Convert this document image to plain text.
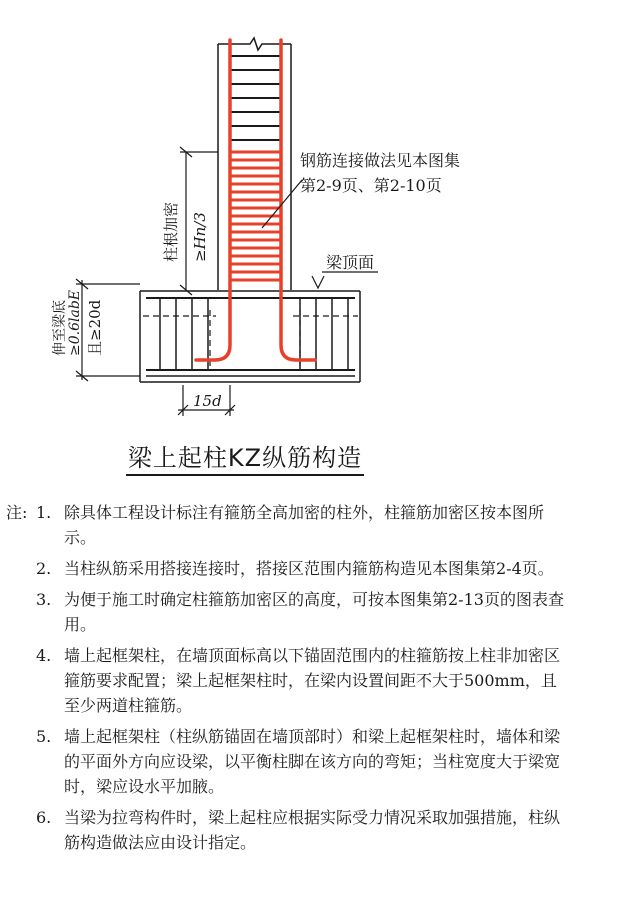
梁顶面
钢筋连接做法见本图集
第2-9页、第2-10页
柱根加密 ≥Hn/3
伸至梁底 ≥0.6labE 且≥20d
15d
梁上起柱KZ纵筋构造
注: 1. 除具体工程设计标注有箍筋全高加密的柱外，柱箍筋加密区按本图所示。
2. 当柱纵筋采用搭接连接时，搭接区范围内箍筋构造见本图集第2-4页。
3. 为便于施工时确定柱箍筋加密区的高度，可按本图集第2-13页的图表查用。
4. 墙上起框架柱，在墙顶面标高以下锚固范围内的柱箍筋按上柱非加密区箍筋要求配置；梁上起框架柱时，在梁内设置间距不大于500mm，且至少两道柱箍筋。
5. 墙上起框架柱（柱纵筋锚固在墙顶部时）和梁上起框架柱时，墙体和梁的平面外方向应设梁，以平衡柱脚在该方向的弯矩；当柱宽度大于梁宽时，梁应设水平加腋。
6. 当梁为拉弯构件时，梁上起柱应根据实际受力情况采取加强措施，柱纵筋构造做法应由设计指定。
